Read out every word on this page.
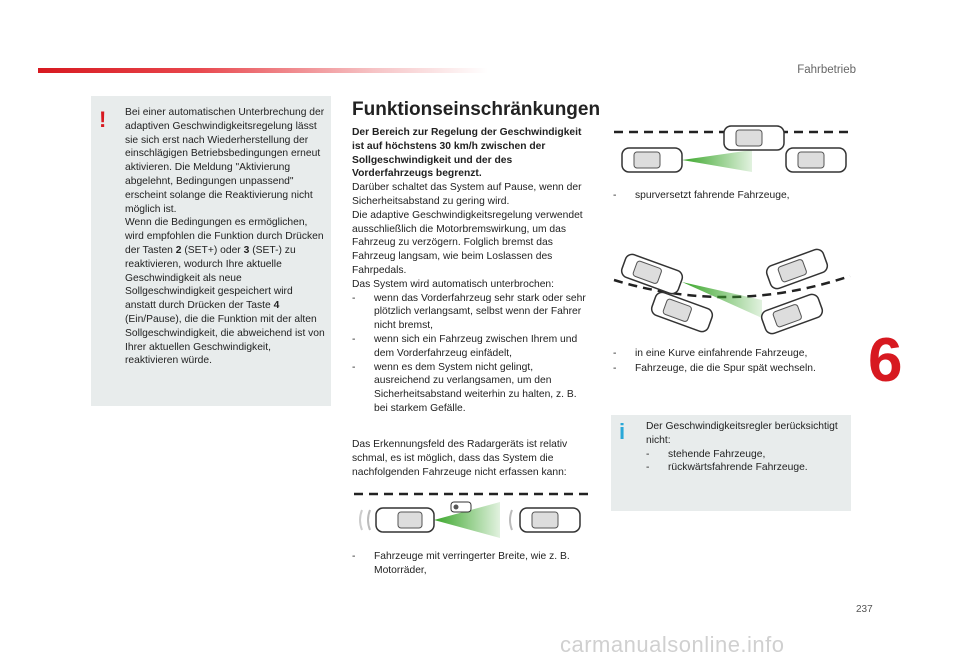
Fahrbetrieb
! Bei einer automatischen Unterbrechung der adaptiven Geschwindigkeitsregelung lässt sie sich erst nach Wiederherstellung der einschlägigen Betriebsbedingungen erneut aktivieren. Die Meldung "Aktivierung abgelehnt, Bedingungen unpassend" erscheint solange die Reaktivierung nicht möglich ist.
Wenn die Bedingungen es ermöglichen, wird empfohlen die Funktion durch Drücken der Tasten 2 (SET+) oder 3 (SET-) zu reaktivieren, wodurch Ihre aktuelle Geschwindigkeit als neue Sollgeschwindigkeit gespeichert wird anstatt durch Drücken der Taste 4 (Ein/Pause), die die Funktion mit der alten Sollgeschwindigkeit, die abweichend ist von Ihrer aktuellen Geschwindigkeit, reaktivieren würde.
Funktionseinschränkungen

Der Bereich zur Regelung der Geschwindigkeit ist auf höchstens 30 km/h zwischen der Sollgeschwindigkeit und der des Vorderfahrzeugs begrenzt.

Darüber schaltet das System auf Pause, wenn der Sicherheitsabstand zu gering wird.

Die adaptive Geschwindigkeitsregelung verwendet ausschließlich die Motorbremswirkung, um das Fahrzeug zu verzögern. Folglich bremst das Fahrzeug langsam, wie beim Loslassen des Fahrpedals.

Das System wird automatisch unterbrochen:

-	wenn das Vorderfahrzeug sehr stark oder sehr plötzlich verlangsamt, selbst wenn der Fahrer nicht bremst,
-	wenn sich ein Fahrzeug zwischen Ihrem und dem Vorderfahrzeug einfädelt,
-	wenn es dem System nicht gelingt, ausreichend zu verlangsamen, um den Sicherheitsabstand weiterhin zu halten, z. B. bei starkem Gefälle.
Das Erkennungsfeld des Radargeräts ist relativ schmal, es ist möglich, dass das System die nachfolgenden Fahrzeuge nicht erfassen kann:
-	Fahrzeuge mit verringerter Breite, wie z. B. Motorräder,
-	spurversetzt fahrende Fahrzeuge,
-	in eine Kurve einfahrende Fahrzeuge,
-	Fahrzeuge, die die Spur spät wechseln.
i Der Geschwindigkeitsregler berücksichtigt nicht:
-	stehende Fahrzeuge,
-	rückwärtsfahrende Fahrzeuge.
6
237
carmanualsonline.info
